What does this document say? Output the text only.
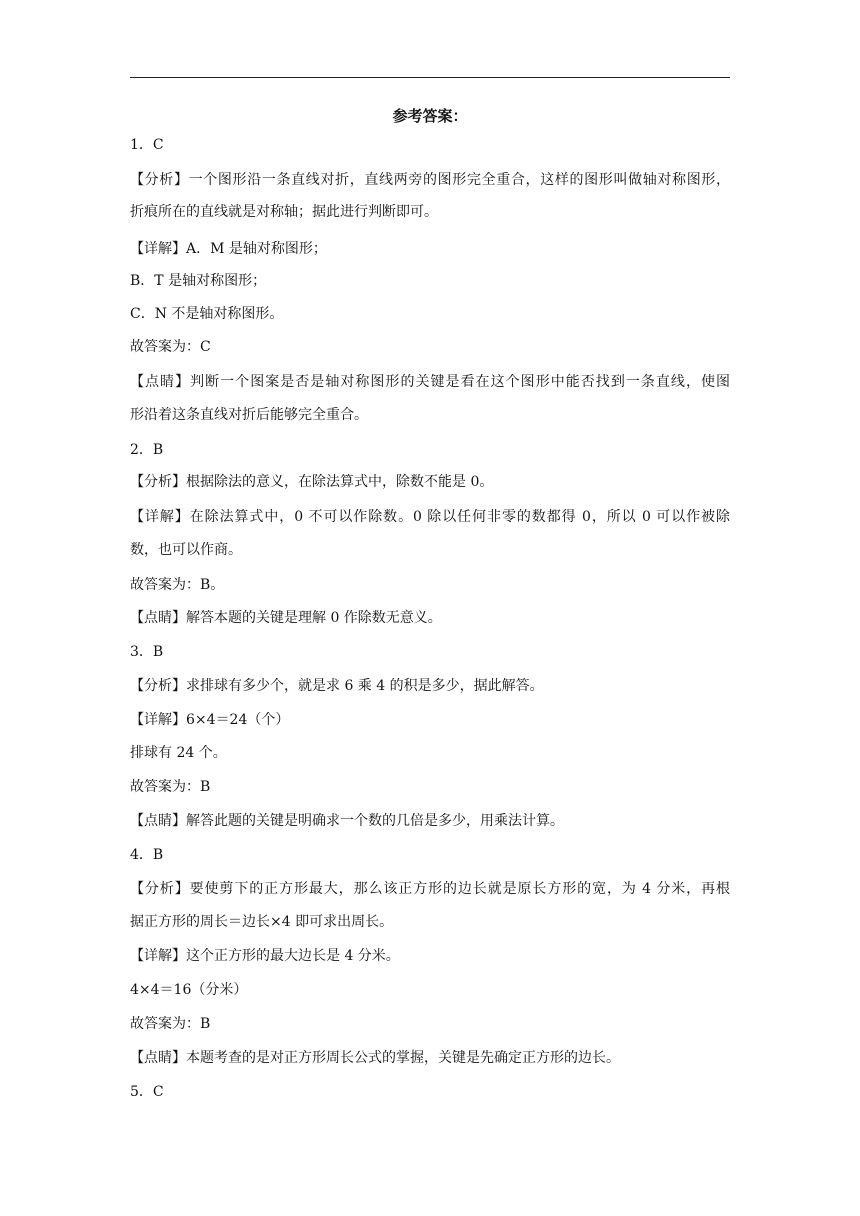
参考答案：
1．C
【分析】一个图形沿一条直线对折，直线两旁的图形完全重合，这样的图形叫做轴对称图形，
折痕所在的直线就是对称轴；据此进行判断即可。
【详解】A．M 是轴对称图形；
B．T 是轴对称图形；
C．N 不是轴对称图形。
故答案为：C
【点睛】判断一个图案是否是轴对称图形的关键是看在这个图形中能否找到一条直线，使图
形沿着这条直线对折后能够完全重合。
2．B
【分析】根据除法的意义，在除法算式中，除数不能是 0。
【详解】在除法算式中，0 不可以作除数。0 除以任何非零的数都得 0，所以 0 可以作被除
数，也可以作商。
故答案为：B。
【点睛】解答本题的关键是理解 0 作除数无意义。
3．B
【分析】求排球有多少个，就是求 6 乘 4 的积是多少，据此解答。
【详解】6×4＝24（个）
排球有 24 个。
故答案为：B
【点睛】解答此题的关键是明确求一个数的几倍是多少，用乘法计算。
4．B
【分析】要使剪下的正方形最大，那么该正方形的边长就是原长方形的宽，为 4 分米，再根
据正方形的周长＝边长×4 即可求出周长。
【详解】这个正方形的最大边长是 4 分米。
4×4＝16（分米）
故答案为：B
【点睛】本题考查的是对正方形周长公式的掌握，关键是先确定正方形的边长。
5．C
